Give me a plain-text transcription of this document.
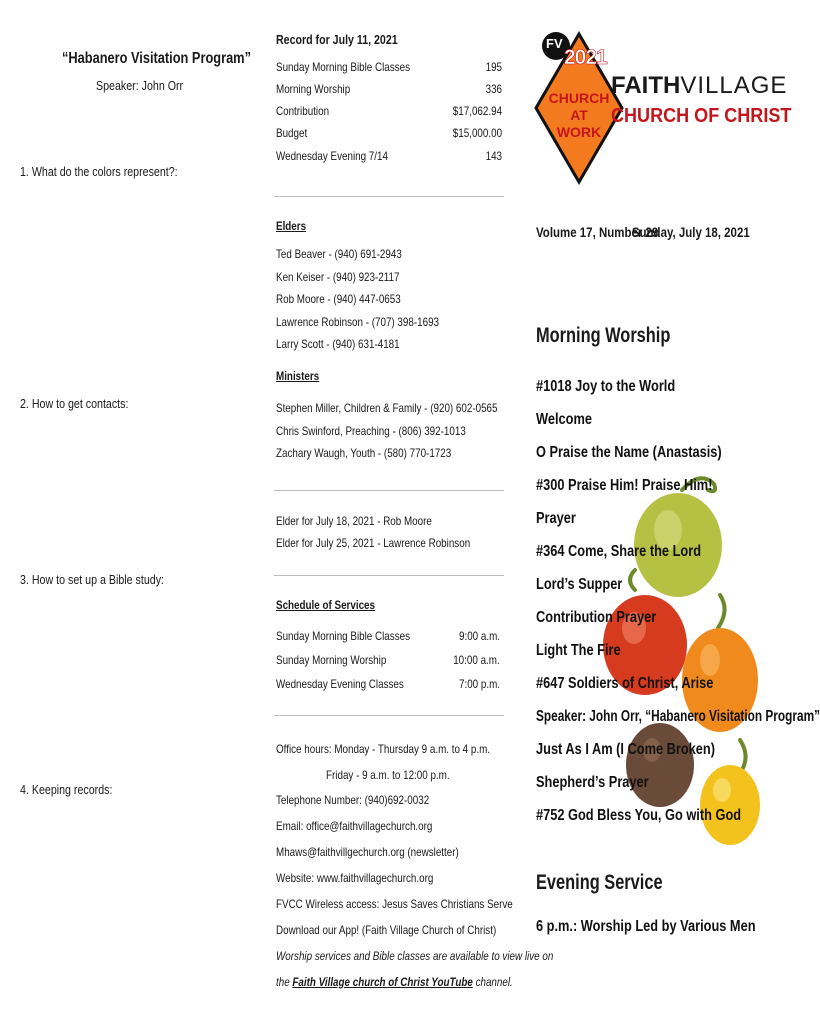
“Habanero Visitation Program”
Speaker: John Orr
1. What do the colors represent?:
2. How to get contacts:
3. How to set up a Bible study:
4. Keeping records:
Record for July 11, 2021
Sunday Morning Bible Classes	195
Morning Worship	336
Contribution	$17,062.94
Budget	$15,000.00
Wednesday Evening 7/14	143
Elders
Ted Beaver - (940) 691-2943
Ken Keiser - (940) 923-2117
Rob Moore - (940) 447-0653
Lawrence Robinson - (707) 398-1693
Larry Scott - (940) 631-4181
Ministers
Stephen Miller, Children & Family - (920) 602-0565
Chris Swinford, Preaching - (806) 392-1013
Zachary Waugh, Youth - (580) 770-1723
Elder for July 18, 2021 - Rob Moore
Elder for July 25, 2021 - Lawrence Robinson
Schedule of Services
Sunday Morning Bible Classes	9:00 a.m.
Sunday Morning Worship	10:00 a.m.
Wednesday Evening Classes	7:00 p.m.
Office hours: Monday - Thursday 9 a.m. to 4 p.m.
Friday - 9 a.m. to 12:00 p.m.
Telephone Number: (940)692-0032
Email: office@faithvillagechurch.org
Mhaws@faithvillgechurch.org (newsletter)
Website: www.faithvillagechurch.org
FVCC Wireless access: Jesus Saves Christians Serve
Download our App! (Faith Village Church of Christ)
Worship services and Bible classes are available to view live on
the Faith Village church of Christ YouTube channel.
FV
2021
CHURCH
AT
WORK
FAITHVILLAGE
CHURCH OF CHRIST
Volume 17, Number 29
Sunday, July 18, 2021
Morning Worship
#1018 Joy to the World
Welcome
O Praise the Name (Anastasis)
#300 Praise Him! Praise Him!
Prayer
#364 Come, Share the Lord
Lord’s Supper
Contribution Prayer
Light The Fire
#647 Soldiers of Christ, Arise
Speaker: John Orr, “Habanero Visitation Program”
Just As I Am (I Come Broken)
Shepherd’s Prayer
#752 God Bless You, Go with God
Evening Service
6 p.m.: Worship Led by Various Men
